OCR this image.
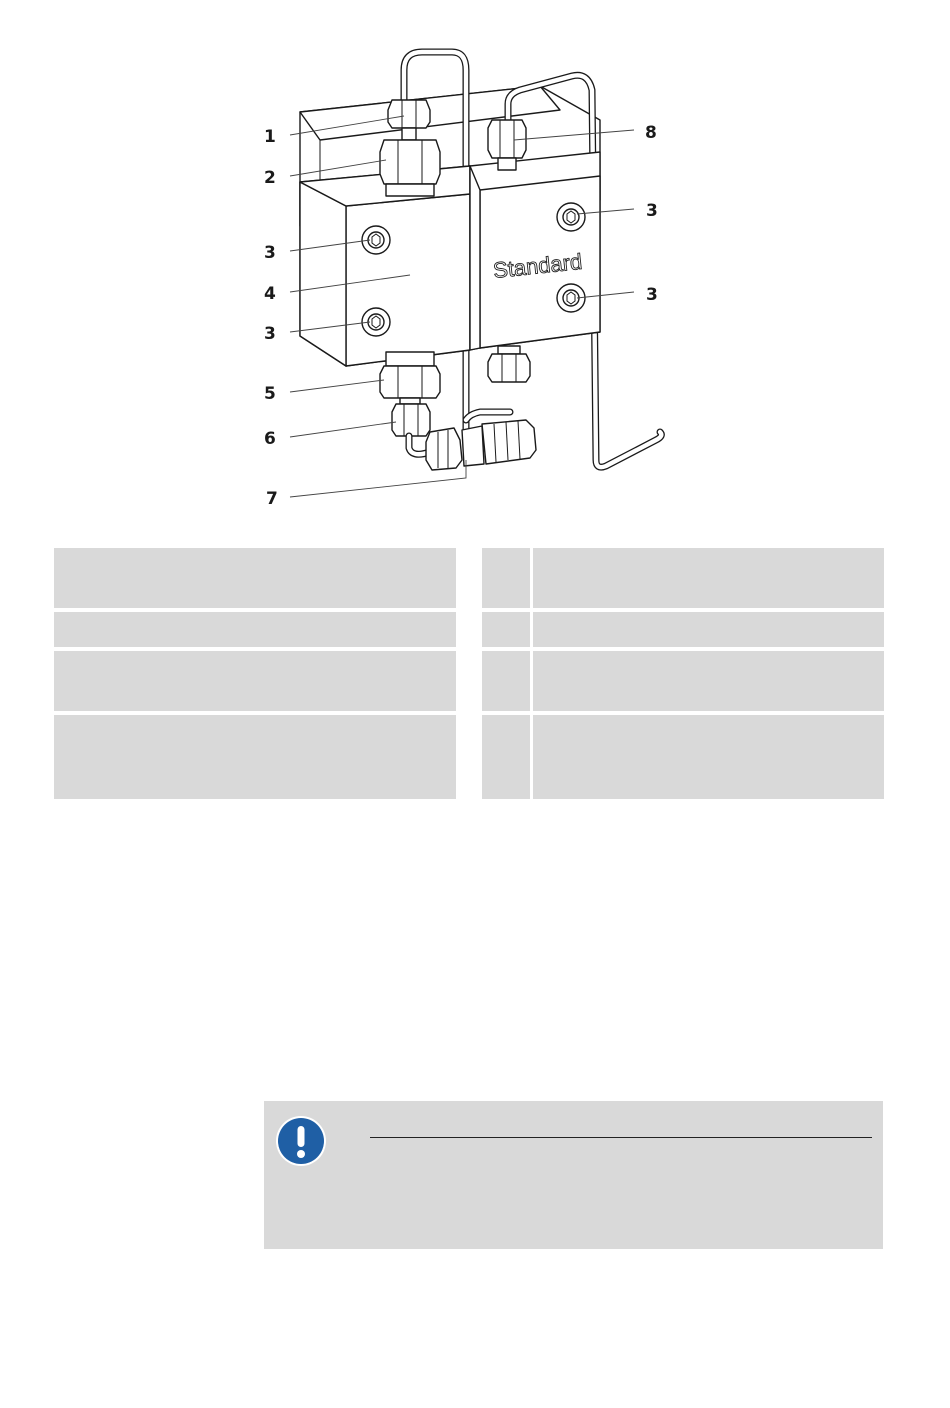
Standard
1
2
3
4
3
5
6
7
8
3
3
